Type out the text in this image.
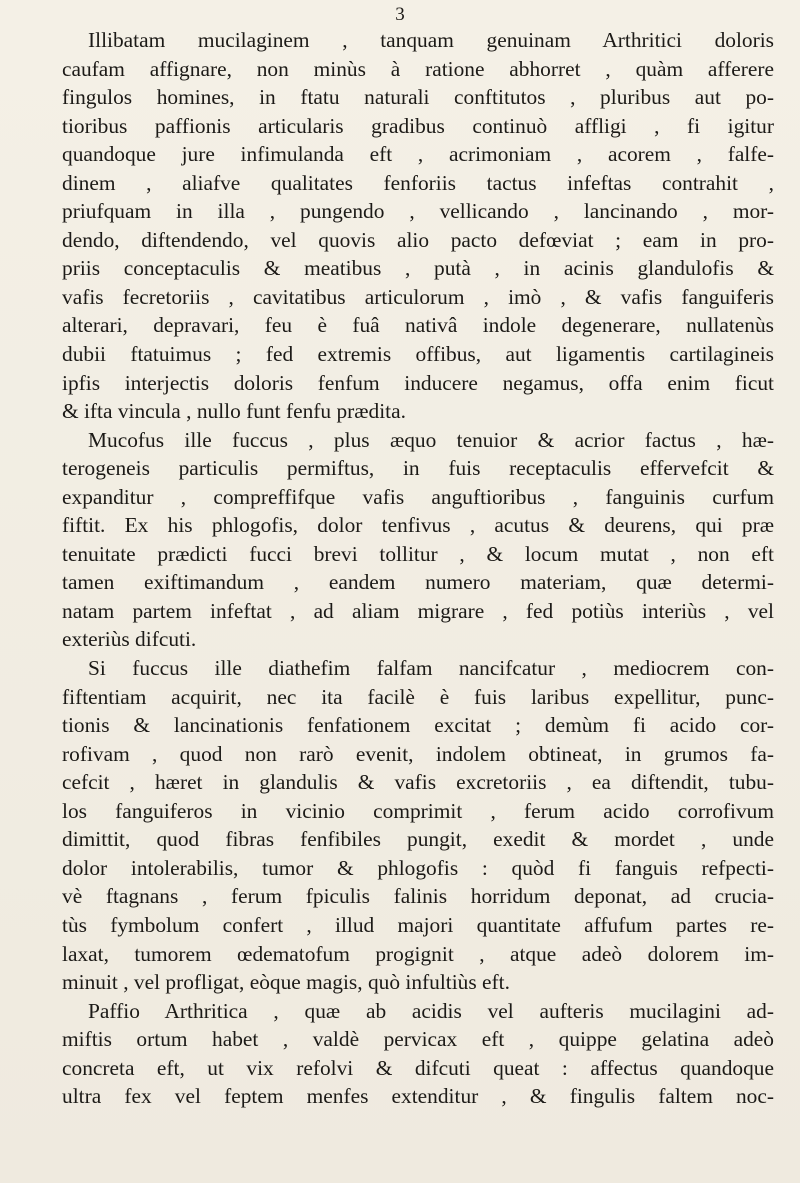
3
Illibatam mucilaginem , tanquam genuinam Arthritici doloris
caufam affignare, non minùs à ratione abhorret , quàm afferere
fingulos homines, in ftatu naturali conftitutos , pluribus aut po-
tioribus paffionis articularis gradibus continuò affligi , fi igitur
quandoque jure infimulanda eft , acrimoniam , acorem , falfe-
dinem , aliafve qualitates fenforiis tactus infeftas contrahit ,
priufquam in illa , pungendo , vellicando , lancinando , mor-
dendo, diftendendo, vel quovis alio pacto defœviat ; eam in pro-
priis conceptaculis & meatibus , putà , in acinis glandulofis &
vafis fecretoriis , cavitatibus articulorum , imò , & vafis fanguiferis
alterari, depravari, feu è fuâ nativâ indole degenerare, nullatenùs
dubii ftatuimus ; fed extremis offibus, aut ligamentis cartilagineis
ipfis interjectis doloris fenfum inducere negamus, offa enim ficut
& ifta vincula , nullo funt fenfu prædita.
Mucofus ille fuccus , plus æquo tenuior & acrior factus , hæ-
terogeneis particulis permiftus, in fuis receptaculis effervefcit &
expanditur , compreffifque vafis anguftioribus , fanguinis curfum
fiftit. Ex his phlogofis, dolor tenfivus , acutus & deurens, qui præ
tenuitate prædicti fucci brevi tollitur , & locum mutat , non eft
tamen exiftimandum , eandem numero materiam, quæ determi-
natam partem infeftat , ad aliam migrare , fed potiùs interiùs , vel
exteriùs difcuti.
Si fuccus ille diathefim falfam nancifcatur , mediocrem con-
fiftentiam acquirit, nec ita facilè è fuis laribus expellitur, punc-
tionis & lancinationis fenfationem excitat ; demùm fi acido cor-
rofivam , quod non rarò evenit, indolem obtineat, in grumos fa-
cefcit , hæret in glandulis & vafis excretoriis , ea diftendit, tubu-
los fanguiferos in vicinio comprimit , ferum acido corrofivum
dimittit, quod fibras fenfibiles pungit, exedit & mordet , unde
dolor intolerabilis, tumor & phlogofis : quòd fi fanguis refpecti-
vè ftagnans , ferum fpiculis falinis horridum deponat, ad crucia-
tùs fymbolum confert , illud majori quantitate affufum partes re-
laxat, tumorem œdematofum progignit , atque adeò dolorem im-
minuit , vel profligat, eòque magis, quò infultiùs eft.
Paffio Arthritica , quæ ab acidis vel aufteris mucilagini ad-
miftis ortum habet , valdè pervicax eft , quippe gelatina adeò
concreta eft, ut vix refolvi & difcuti queat : affectus quandoque
ultra fex vel feptem menfes extenditur , & fingulis faltem noc-
